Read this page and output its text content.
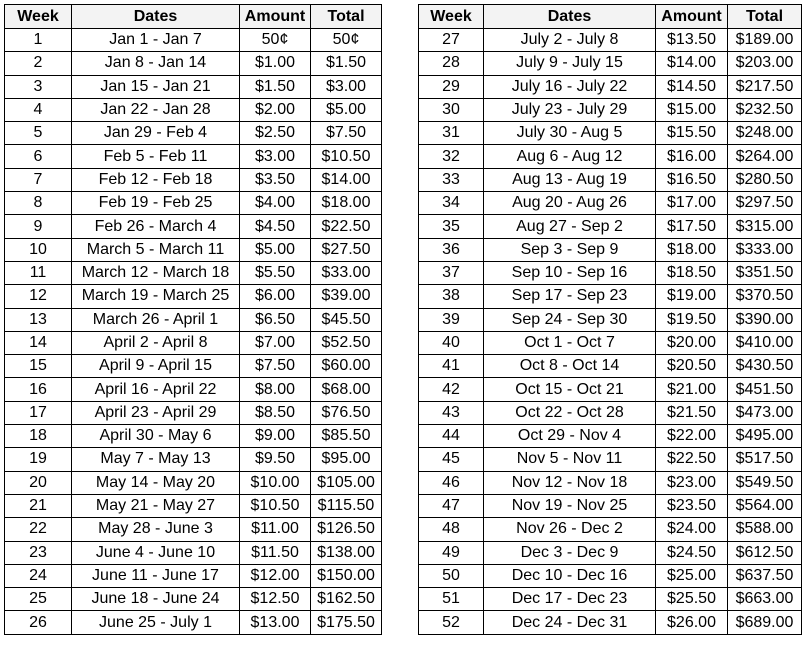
Week	Dates	Amount	Total
1	Jan 1 - Jan 7	50¢	50¢
2	Jan 8 - Jan 14	$1.00	$1.50
3	Jan 15 - Jan 21	$1.50	$3.00
4	Jan 22 - Jan 28	$2.00	$5.00
5	Jan 29 - Feb 4	$2.50	$7.50
6	Feb 5 - Feb 11	$3.00	$10.50
7	Feb 12 - Feb 18	$3.50	$14.00
8	Feb 19 - Feb 25	$4.00	$18.00
9	Feb 26 - March 4	$4.50	$22.50
10	March 5 - March 11	$5.00	$27.50
11	March 12 - March 18	$5.50	$33.00
12	March 19 - March 25	$6.00	$39.00
13	March 26 - April 1	$6.50	$45.50
14	April 2 - April 8	$7.00	$52.50
15	April 9 - April 15	$7.50	$60.00
16	April 16 - April 22	$8.00	$68.00
17	April 23 - April 29	$8.50	$76.50
18	April 30 - May 6	$9.00	$85.50
19	May 7 - May 13	$9.50	$95.00
20	May 14 - May 20	$10.00	$105.00
21	May 21 - May 27	$10.50	$115.50
22	May 28 - June 3	$11.00	$126.50
23	June 4 - June 10	$11.50	$138.00
24	June 11 - June 17	$12.00	$150.00
25	June 18 - June 24	$12.50	$162.50
26	June 25 - July 1	$13.00	$175.50
Week	Dates	Amount	Total
27	July 2 - July 8	$13.50	$189.00
28	July 9 - July 15	$14.00	$203.00
29	July 16 - July 22	$14.50	$217.50
30	July 23 - July 29	$15.00	$232.50
31	July 30 - Aug 5	$15.50	$248.00
32	Aug 6 - Aug 12	$16.00	$264.00
33	Aug 13 - Aug 19	$16.50	$280.50
34	Aug 20 - Aug 26	$17.00	$297.50
35	Aug 27 - Sep 2	$17.50	$315.00
36	Sep 3 - Sep 9	$18.00	$333.00
37	Sep 10 - Sep 16	$18.50	$351.50
38	Sep 17 - Sep 23	$19.00	$370.50
39	Sep 24 - Sep 30	$19.50	$390.00
40	Oct 1 - Oct 7	$20.00	$410.00
41	Oct 8 - Oct 14	$20.50	$430.50
42	Oct 15 - Oct 21	$21.00	$451.50
43	Oct 22 - Oct 28	$21.50	$473.00
44	Oct 29 - Nov 4	$22.00	$495.00
45	Nov 5 - Nov 11	$22.50	$517.50
46	Nov 12 - Nov 18	$23.00	$549.50
47	Nov 19 - Nov 25	$23.50	$564.00
48	Nov 26 - Dec 2	$24.00	$588.00
49	Dec 3 - Dec 9	$24.50	$612.50
50	Dec 10 - Dec 16	$25.00	$637.50
51	Dec 17 - Dec 23	$25.50	$663.00
52	Dec 24 - Dec 31	$26.00	$689.00
